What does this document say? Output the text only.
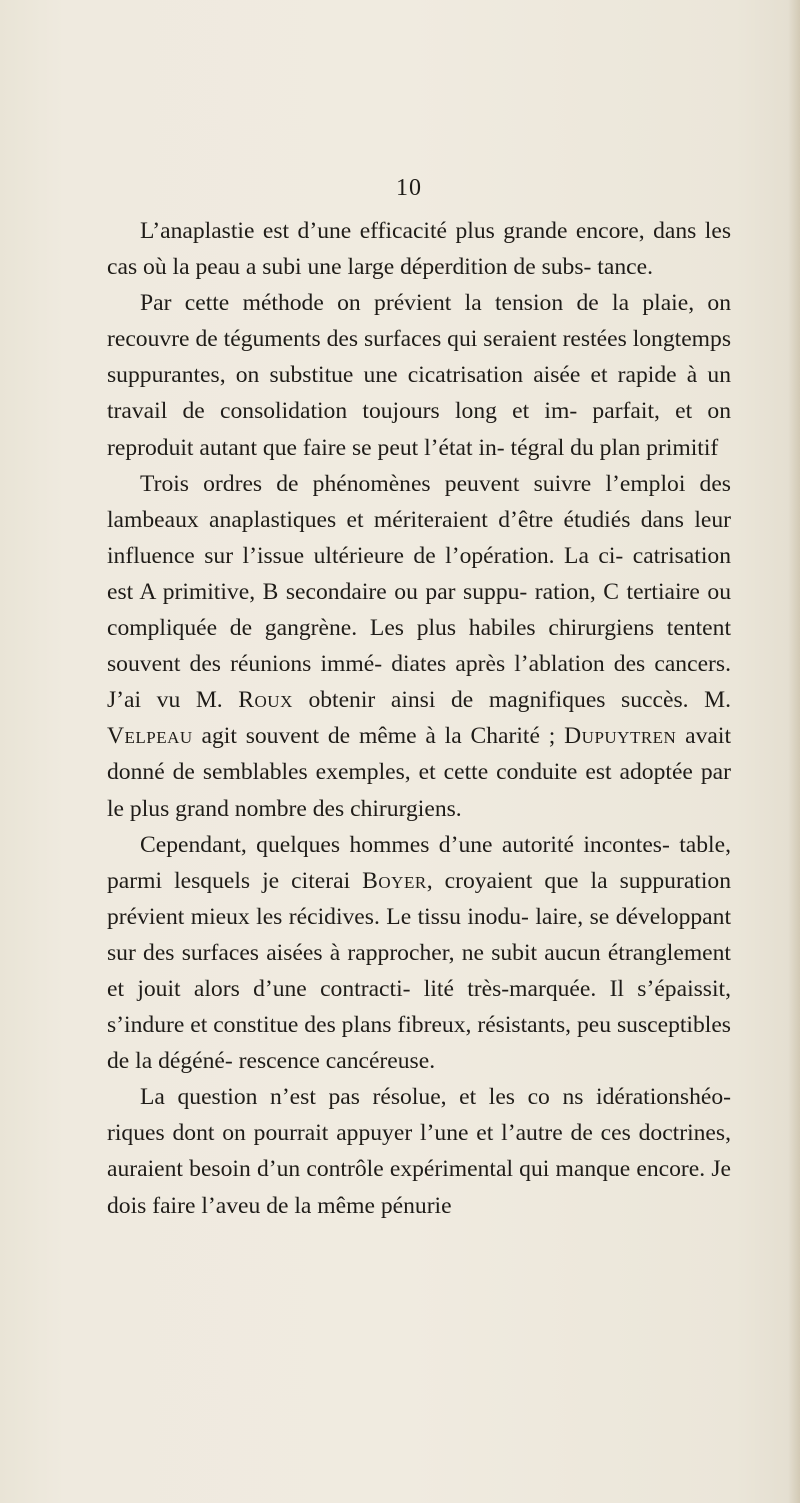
10

L’anaplastie est d’une efficacité plus grande encore, dans les cas où la peau a subi une large déperdition de subs- tance.

Par cette méthode on prévient la tension de la plaie, on recouvre de téguments des surfaces qui seraient restées longtemps suppurantes, on substitue une cicatrisation aisée et rapide à un travail de consolidation toujours long et im- parfait, et on reproduit autant que faire se peut l’état in- tégral du plan primitif

Trois ordres de phénomènes peuvent suivre l’emploi des lambeaux anaplastiques et mériteraient d’être étudiés dans leur influence sur l’issue ultérieure de l’opération. La ci- catrisation est A primitive, B secondaire ou par suppu- ration, C tertiaire ou compliquée de gangrène. Les plus habiles chirurgiens tentent souvent des réunions immé- diates après l’ablation des cancers. J’ai vu M. Roux obtenir ainsi de magnifiques succès. M. Velpeau agit souvent de même à la Charité ; Dupuytren avait donné de semblables exemples, et cette conduite est adoptée par le plus grand nombre des chirurgiens.

Cependant, quelques hommes d’une autorité incontes- table, parmi lesquels je citerai Boyer, croyaient que la suppuration prévient mieux les récidives. Le tissu inodu- laire, se développant sur des surfaces aisées à rapprocher, ne subit aucun étranglement et jouit alors d’une contracti- lité très-marquée. Il s’épaissit, s’indure et constitue des plans fibreux, résistants, peu susceptibles de la dégéné- rescence cancéreuse.

La question n’est pas résolue, et les co ns idérationshéo- riques dont on pourrait appuyer l’une et l’autre de ces doctrines, auraient besoin d’un contrôle expérimental qui manque encore. Je dois faire l’aveu de la même pénurie
